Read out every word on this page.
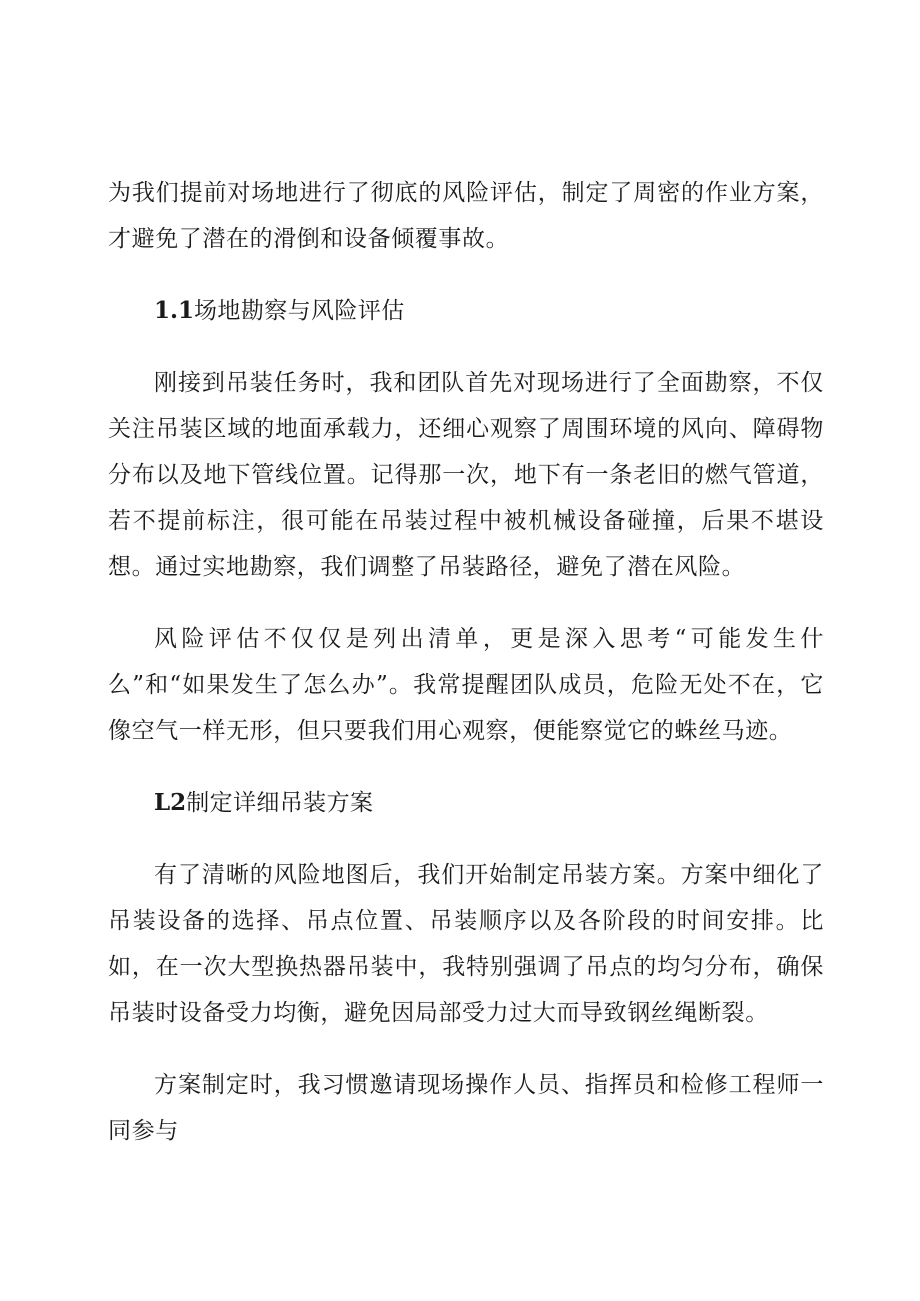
为我们提前对场地进行了彻底的风险评估，制定了周密的作业方案，才避免了潜在的滑倒和设备倾覆事故。

1.1场地勘察与风险评估

刚接到吊装任务时，我和团队首先对现场进行了全面勘察，不仅关注吊装区域的地面承载力，还细心观察了周围环境的风向、障碍物分布以及地下管线位置。记得那一次，地下有一条老旧的燃气管道，若不提前标注，很可能在吊装过程中被机械设备碰撞，后果不堪设想。通过实地勘察，我们调整了吊装路径，避免了潜在风险。

风险评估不仅仅是列出清单，更是深入思考“可能发生什么”和“如果发生了怎么办”。我常提醒团队成员，危险无处不在，它像空气一样无形，但只要我们用心观察，便能察觉它的蛛丝马迹。

L2制定详细吊装方案

有了清晰的风险地图后，我们开始制定吊装方案。方案中细化了吊装设备的选择、吊点位置、吊装顺序以及各阶段的时间安排。比如，在一次大型换热器吊装中，我特别强调了吊点的均匀分布，确保吊装时设备受力均衡，避免因局部受力过大而导致钢丝绳断裂。

方案制定时，我习惯邀请现场操作人员、指挥员和检修工程师一同参与
